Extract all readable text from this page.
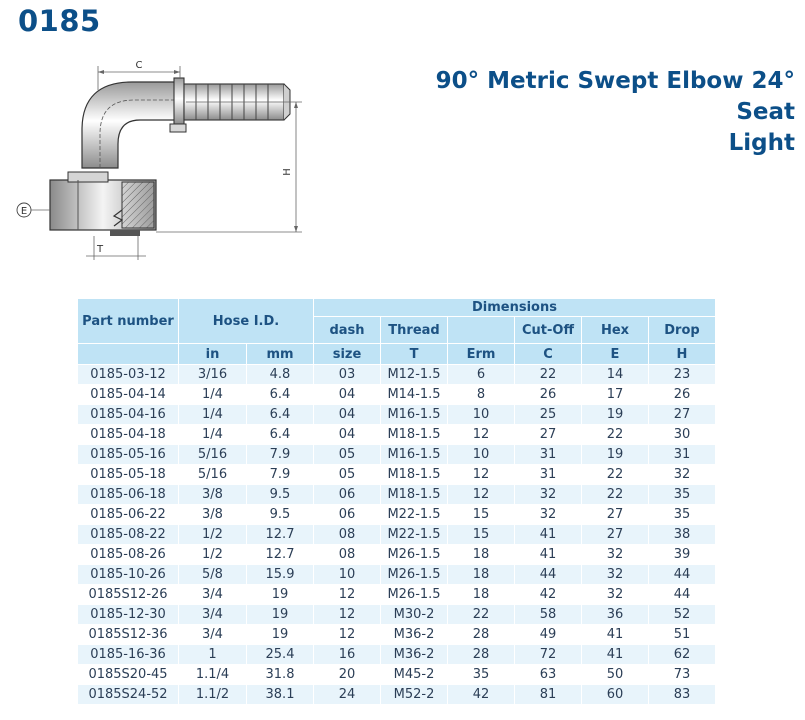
0185
90° Metric Swept Elbow 24° Seat
Light
C
H
E
T
Part number	Hose I.D.		Dimensions					
			dash	Thread		Cut-Off	Hex	Drop
	in	mm	size	T	Erm	C	E	H
0185-03-12	3/16	4.8	03	M12-1.5	6	22	14	23
0185-04-14	1/4	6.4	04	M14-1.5	8	26	17	26
0185-04-16	1/4	6.4	04	M16-1.5	10	25	19	27
0185-04-18	1/4	6.4	04	M18-1.5	12	27	22	30
0185-05-16	5/16	7.9	05	M16-1.5	10	31	19	31
0185-05-18	5/16	7.9	05	M18-1.5	12	31	22	32
0185-06-18	3/8	9.5	06	M18-1.5	12	32	22	35
0185-06-22	3/8	9.5	06	M22-1.5	15	32	27	35
0185-08-22	1/2	12.7	08	M22-1.5	15	41	27	38
0185-08-26	1/2	12.7	08	M26-1.5	18	41	32	39
0185-10-26	5/8	15.9	10	M26-1.5	18	44	32	44
0185S12-26	3/4	19	12	M26-1.5	18	42	32	44
0185-12-30	3/4	19	12	M30-2	22	58	36	52
0185S12-36	3/4	19	12	M36-2	28	49	41	51
0185-16-36	1	25.4	16	M36-2	28	72	41	62
0185S20-45	1.1/4	31.8	20	M45-2	35	63	50	73
0185S24-52	1.1/2	38.1	24	M52-2	42	81	60	83
